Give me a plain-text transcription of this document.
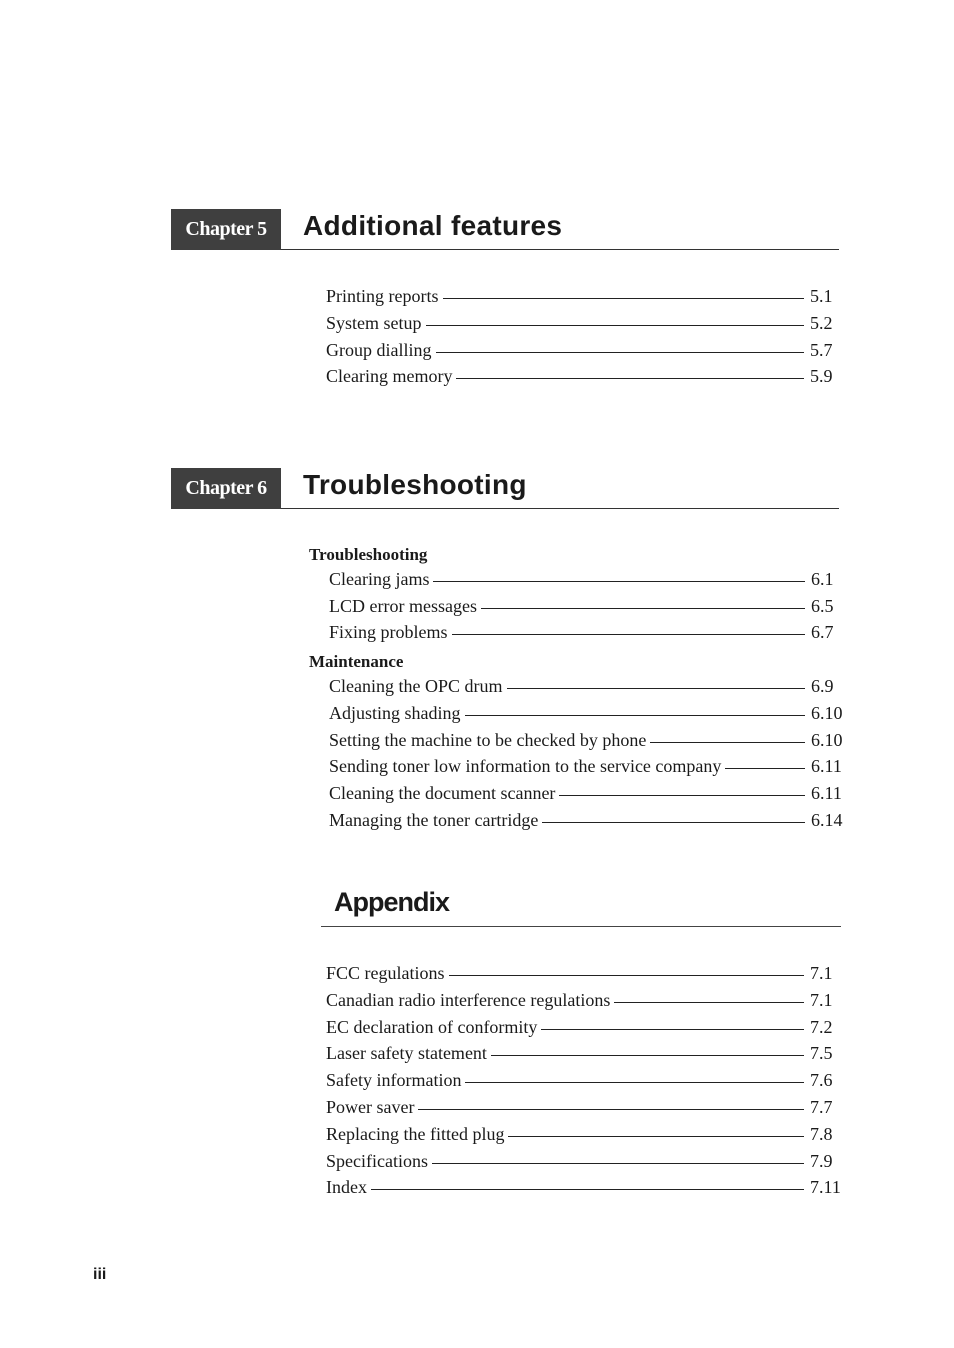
Chapter 5	Additional features
Printing reports	5.1
System setup	5.2
Group dialling	5.7
Clearing memory	5.9
Chapter 6	Troubleshooting
Troubleshooting
Clearing jams	6.1
LCD error messages	6.5
Fixing problems	6.7
Maintenance
Cleaning the OPC drum	6.9
Adjusting shading	6.10
Setting the machine to be checked by phone	6.10
Sending toner low information to the service company	6.11
Cleaning the document scanner	6.11
Managing the toner cartridge	6.14
Appendix
FCC regulations	7.1
Canadian radio interference regulations	7.1
EC declaration of conformity	7.2
Laser safety statement	7.5
Safety information	7.6
Power saver	7.7
Replacing the fitted plug	7.8
Specifications	7.9
Index	7.11
iii
